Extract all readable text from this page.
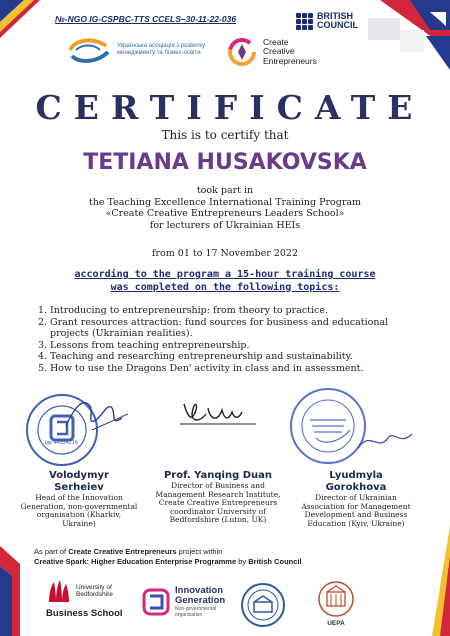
№-NGO IG-CSPBC-TTS CCELS–30-11-22-036	BRITISH
COUNCIL
Українська асоціація з розвитку менеджменту та бізнес-освіти
Create
Creative
Entrepreneurs
CERTIFICATE
This is to certify that
TETIANA HUSAKOVSKA
took part in
the Teaching Excellence International Training Program
«Create Creative Entrepreneurs Leaders School»
for lecturers of Ukrainian HEIs
from 01 to 17 November 2022
according to the program a 15-hour training course
was completed on the following topics:
1. Introducing to entrepreneurship: from theory to practice.
2. Grant resources attraction: fund sources for business and educational projects (Ukrainian realities).
3. Lessons from teaching entrepreneurship.
4. Teaching and researching entrepreneurship and sustainability.
5. How to use the Dragons Den' activity in class and in assessment.
ідк 44534216
Volodymyr
Serheiev
Head of the Innovation Generation, non-governmental organisation (Kharkiv, Ukraine)
Prof. Yanqing Duan
Director of Business and Management Research Institute, Create Creative Entrepreneurs coordinator University of Bedfordshire (Luton, UK)
Lyudmyla
Gorokhova
Director of Ukrainian Association for Management Development and Business Education (Kyiv, Ukraine)
As part of Create Creative Entrepreneurs project within
Creative Spark: Higher Education Enterprise Programme by British Council
University of
Bedfordshire
Business School
Innovation
Generation
Non-governmental
organisation
UEPA
